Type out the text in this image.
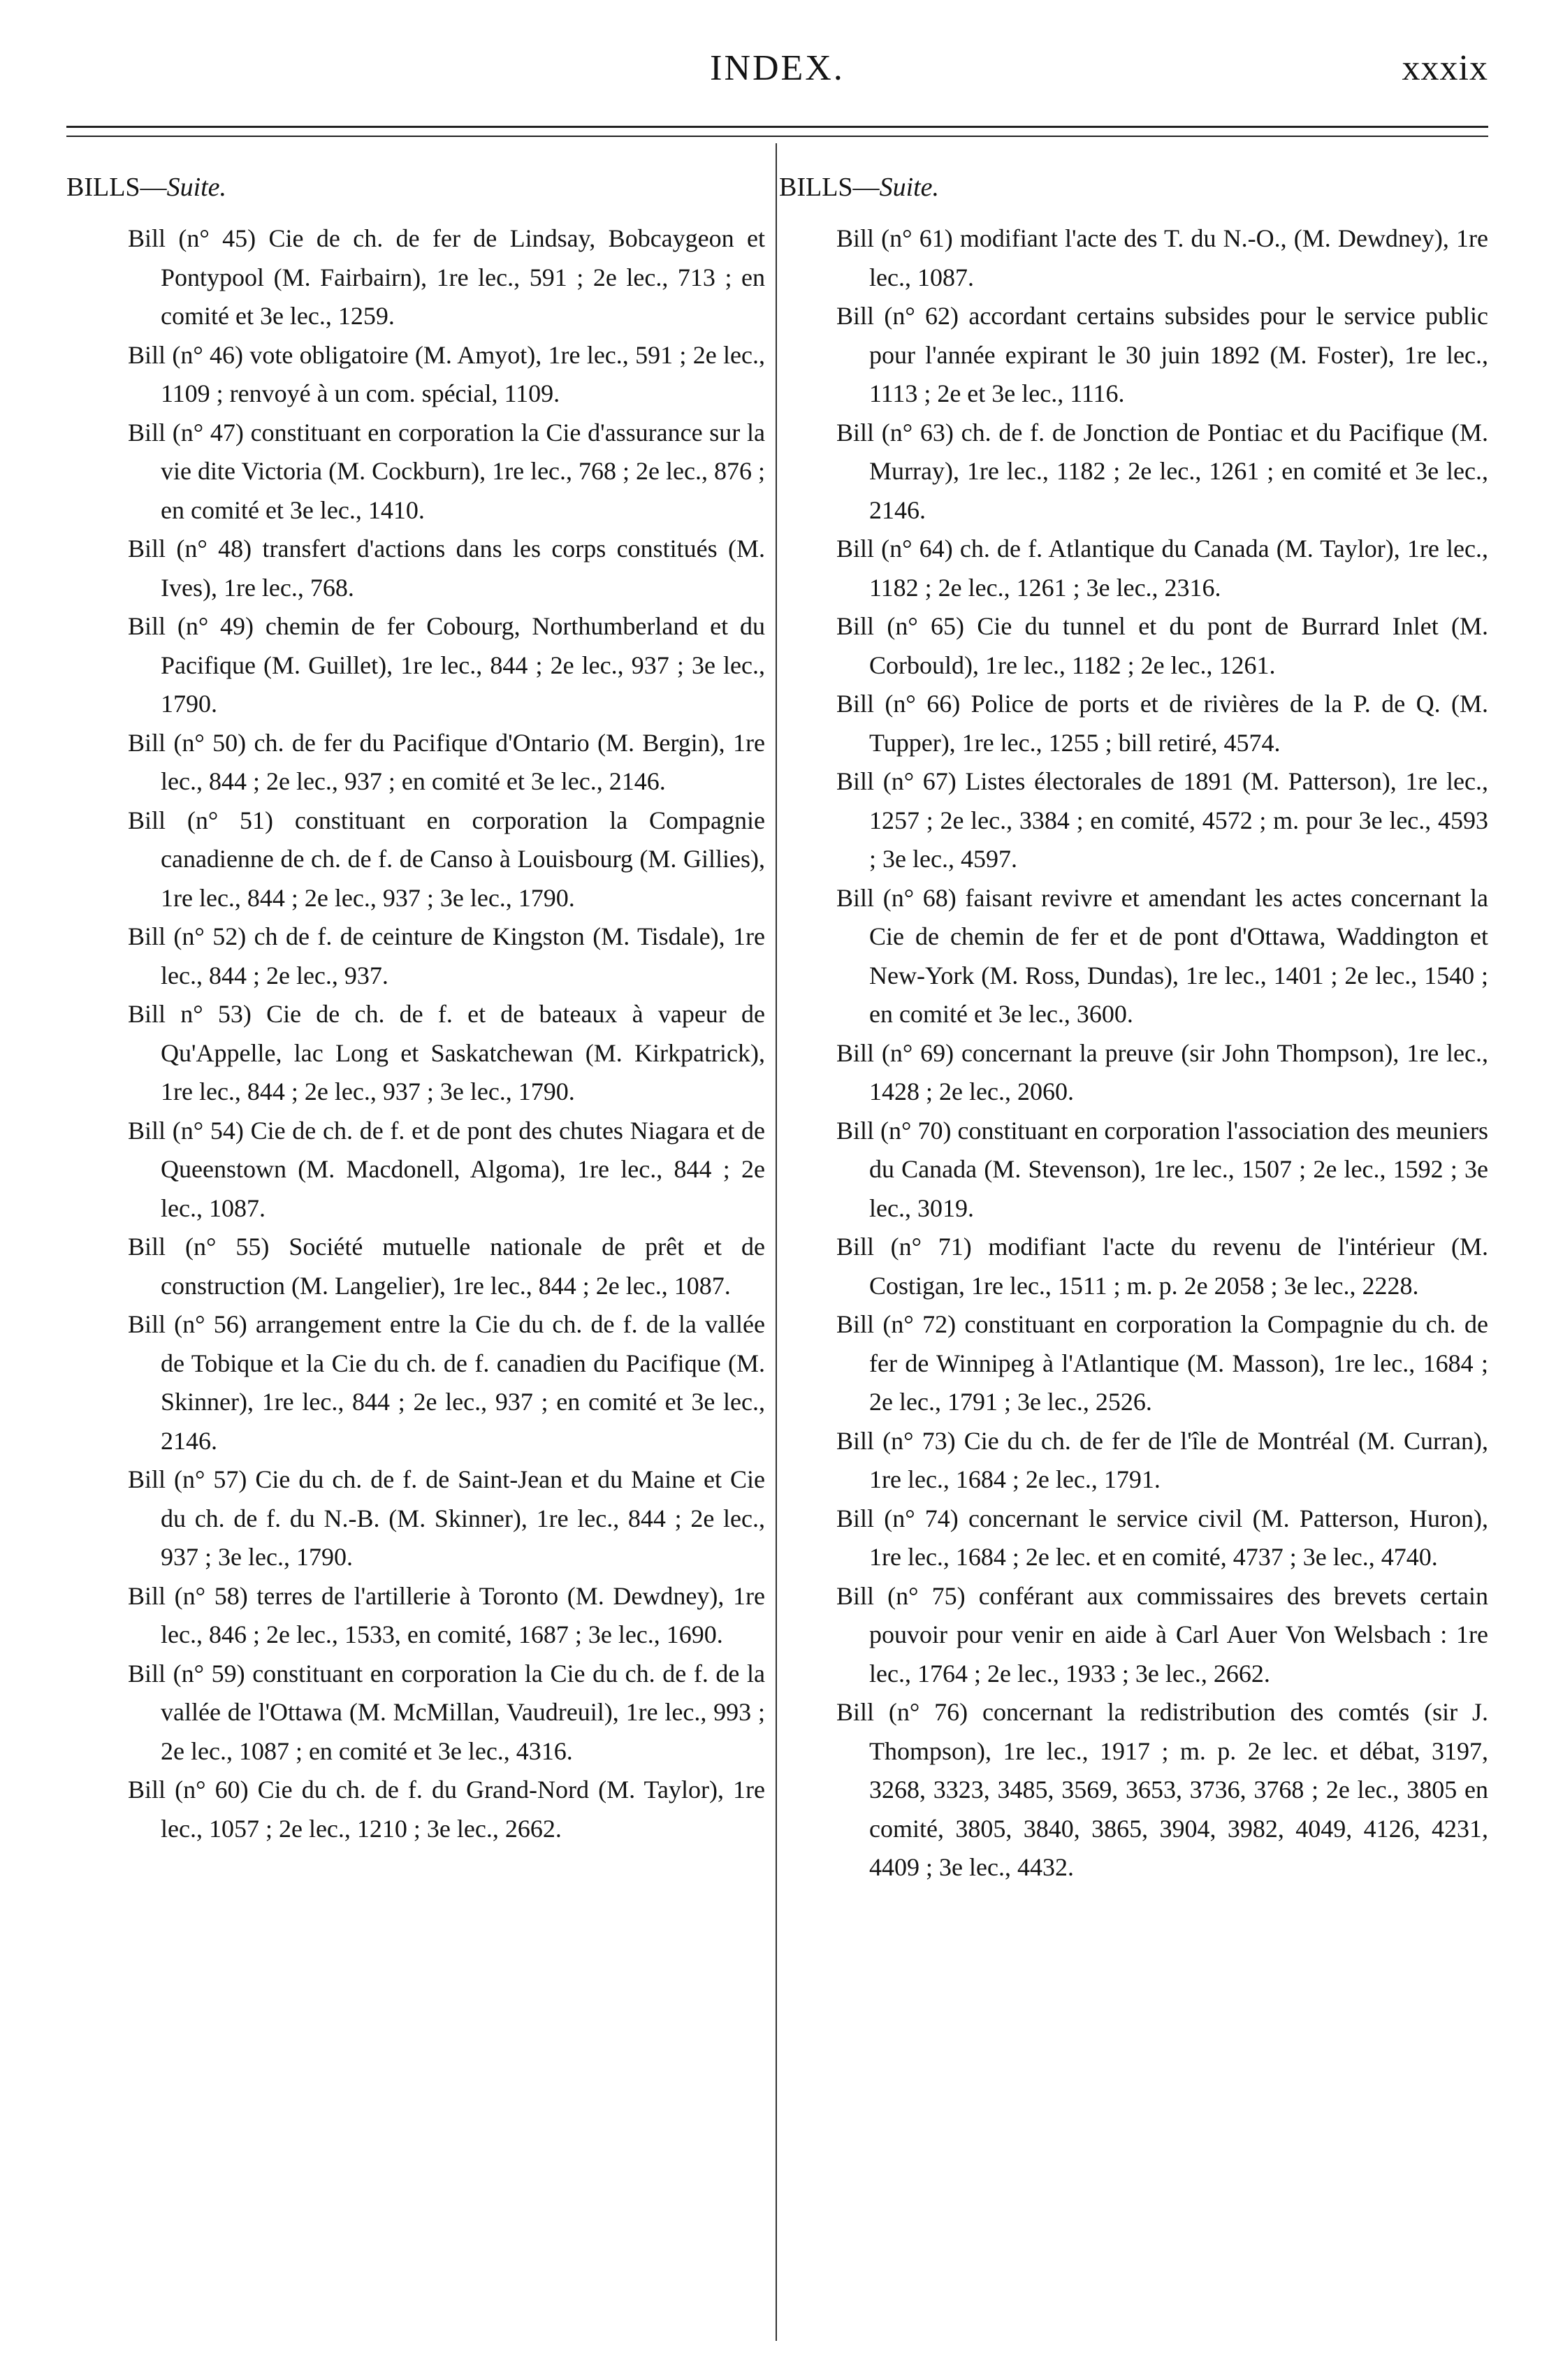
INDEX.	xxxix
BILLS—Suite.
Bill (n° 45) Cie de ch. de fer de Lindsay, Bobcaygeon et Pontypool (M. Fairbairn), 1re lec., 591 ; 2e lec., 713 ; en comité et 3e lec., 1259.
Bill (n° 46) vote obligatoire (M. Amyot), 1re lec., 591 ; 2e lec., 1109 ; renvoyé à un com. spécial, 1109.
Bill (n° 47) constituant en corporation la Cie d'assurance sur la vie dite Victoria (M. Cockburn), 1re lec., 768 ; 2e lec., 876 ; en comité et 3e lec., 1410.
Bill (n° 48) transfert d'actions dans les corps constitués (M. Ives), 1re lec., 768.
Bill (n° 49) chemin de fer Cobourg, Northumberland et du Pacifique (M. Guillet), 1re lec., 844 ; 2e lec., 937 ; 3e lec., 1790.
Bill (n° 50) ch. de fer du Pacifique d'Ontario (M. Bergin), 1re lec., 844 ; 2e lec., 937 ; en comité et 3e lec., 2146.
Bill (n° 51) constituant en corporation la Compagnie canadienne de ch. de f. de Canso à Louisbourg (M. Gillies), 1re lec., 844 ; 2e lec., 937 ; 3e lec., 1790.
Bill (n° 52) ch de f. de ceinture de Kingston (M. Tisdale), 1re lec., 844 ; 2e lec., 937.
Bill n° 53) Cie de ch. de f. et de bateaux à vapeur de Qu'Appelle, lac Long et Saskatchewan (M. Kirkpatrick), 1re lec., 844 ; 2e lec., 937 ; 3e lec., 1790.
Bill (n° 54) Cie de ch. de f. et de pont des chutes Niagara et de Queenstown (M. Macdonell, Algoma), 1re lec., 844 ; 2e lec., 1087.
Bill (n° 55) Société mutuelle nationale de prêt et de construction (M. Langelier), 1re lec., 844 ; 2e lec., 1087.
Bill (n° 56) arrangement entre la Cie du ch. de f. de la vallée de Tobique et la Cie du ch. de f. canadien du Pacifique (M. Skinner), 1re lec., 844 ; 2e lec., 937 ; en comité et 3e lec., 2146.
Bill (n° 57) Cie du ch. de f. de Saint-Jean et du Maine et Cie du ch. de f. du N.-B. (M. Skinner), 1re lec., 844 ; 2e lec., 937 ; 3e lec., 1790.
Bill (n° 58) terres de l'artillerie à Toronto (M. Dewdney), 1re lec., 846 ; 2e lec., 1533, en comité, 1687 ; 3e lec., 1690.
Bill (n° 59) constituant en corporation la Cie du ch. de f. de la vallée de l'Ottawa (M. McMillan, Vaudreuil), 1re lec., 993 ; 2e lec., 1087 ; en comité et 3e lec., 4316.
Bill (n° 60) Cie du ch. de f. du Grand-Nord (M. Taylor), 1re lec., 1057 ; 2e lec., 1210 ; 3e lec., 2662.
BILLS—Suite.
Bill (n° 61) modifiant l'acte des T. du N.-O., (M. Dewdney), 1re lec., 1087.
Bill (n° 62) accordant certains subsides pour le service public pour l'année expirant le 30 juin 1892 (M. Foster), 1re lec., 1113 ; 2e et 3e lec., 1116.
Bill (n° 63) ch. de f. de Jonction de Pontiac et du Pacifique (M. Murray), 1re lec., 1182 ; 2e lec., 1261 ; en comité et 3e lec., 2146.
Bill (n° 64) ch. de f. Atlantique du Canada (M. Taylor), 1re lec., 1182 ; 2e lec., 1261 ; 3e lec., 2316.
Bill (n° 65) Cie du tunnel et du pont de Burrard Inlet (M. Corbould), 1re lec., 1182 ; 2e lec., 1261.
Bill (n° 66) Police de ports et de rivières de la P. de Q. (M. Tupper), 1re lec., 1255 ; bill retiré, 4574.
Bill (n° 67) Listes électorales de 1891 (M. Patterson), 1re lec., 1257 ; 2e lec., 3384 ; en comité, 4572 ; m. pour 3e lec., 4593 ; 3e lec., 4597.
Bill (n° 68) faisant revivre et amendant les actes concernant la Cie de chemin de fer et de pont d'Ottawa, Waddington et New-York (M. Ross, Dundas), 1re lec., 1401 ; 2e lec., 1540 ; en comité et 3e lec., 3600.
Bill (n° 69) concernant la preuve (sir John Thompson), 1re lec., 1428 ; 2e lec., 2060.
Bill (n° 70) constituant en corporation l'association des meuniers du Canada (M. Stevenson), 1re lec., 1507 ; 2e lec., 1592 ; 3e lec., 3019.
Bill (n° 71) modifiant l'acte du revenu de l'intérieur (M. Costigan, 1re lec., 1511 ; m. p. 2e 2058 ; 3e lec., 2228.
Bill (n° 72) constituant en corporation la Compagnie du ch. de fer de Winnipeg à l'Atlantique (M. Masson), 1re lec., 1684 ; 2e lec., 1791 ; 3e lec., 2526.
Bill (n° 73) Cie du ch. de fer de l'île de Montréal (M. Curran), 1re lec., 1684 ; 2e lec., 1791.
Bill (n° 74) concernant le service civil (M. Patterson, Huron), 1re lec., 1684 ; 2e lec. et en comité, 4737 ; 3e lec., 4740.
Bill (n° 75) conférant aux commissaires des brevets certain pouvoir pour venir en aide à Carl Auer Von Welsbach : 1re lec., 1764 ; 2e lec., 1933 ; 3e lec., 2662.
Bill (n° 76) concernant la redistribution des comtés (sir J. Thompson), 1re lec., 1917 ; m. p. 2e lec. et débat, 3197, 3268, 3323, 3485, 3569, 3653, 3736, 3768 ; 2e lec., 3805 en comité, 3805, 3840, 3865, 3904, 3982, 4049, 4126, 4231, 4409 ; 3e lec., 4432.
